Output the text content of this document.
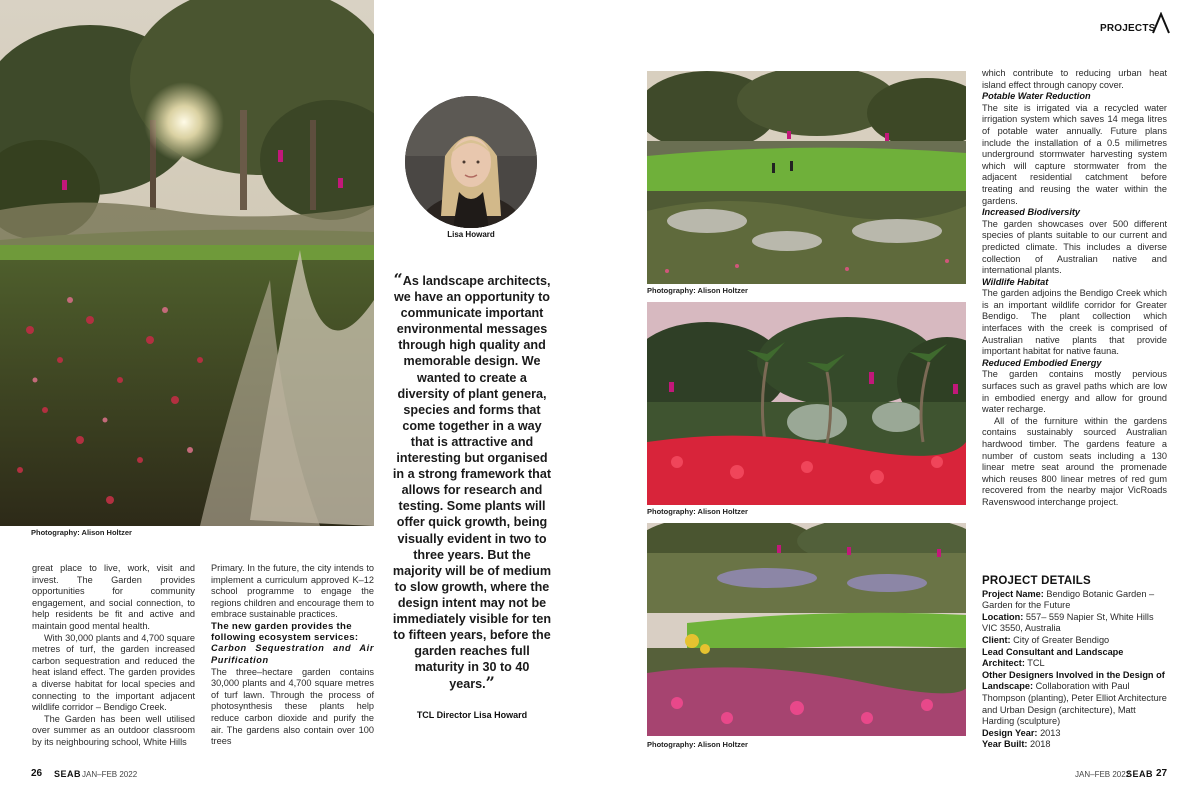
Photography: Alison Holtzer

great place to live, work, visit and invest. The Garden provides opportunities for community engagement, and social connection, to help residents be fit and active and maintain good mental health.

With 30,000 plants and 4,700 square metres of turf, the garden increased carbon sequestration and reduced the heat island effect. The garden provides a diverse habitat for local species and connecting to the important adjacent wildlife corridor – Bendigo Creek.

The Garden has been well utilised over summer as an outdoor classroom by its neighbouring school, White Hills

Primary. In the future, the city intends to implement a curriculum approved K–12 school programme to engage the regions children and encourage them to embrace sustainable practices.

The new garden provides the following ecosystem services:

Carbon Sequestration and Air Purification

The three–hectare garden contains 30,000 plants and 4,700 square metres of turf lawn. Through the process of photosynthesis these plants help reduce carbon dioxide and purify the air. The gardens also contain over 100 trees

Lisa Howard
“As landscape architects, we have an opportunity to communicate important environmental messages through high quality and memorable design. We wanted to create a diversity of plant genera, species and forms that come together in a way that is attractive and interesting but organised in a strong framework that allows for research and testing. Some plants will offer quick growth, being visually evident in two to three years. But the majority will be of medium to slow growth, where the design intent may not be immediately visible for ten to fifteen years, before the garden reaches full maturity in 30 to 40 years.”
TCL Director Lisa Howard
26 SEAB JAN–FEB 2022
PROJECTS
Photography: Alison Holtzer
Photography: Alison Holtzer
Photography: Alison Holtzer

which contribute to reducing urban heat island effect through canopy cover.

Potable Water Reduction

The site is irrigated via a recycled water irrigation system which saves 14 mega litres of potable water annually. Future plans include the installation of a 0.5 milimetres underground stormwater harvesting system which will capture stormwater from the adjacent residential catchment before treating and reusing the water within the gardens.

Increased Biodiversity

The garden showcases over 500 different species of plants suitable to our current and predicted climate. This includes a diverse collection of Australian native and international plants.

Wildlife Habitat

The garden adjoins the Bendigo Creek which is an important wildlife corridor for Greater Bendigo. The plant collection which interfaces with the creek is comprised of Australian native plants that provide important habitat for native fauna.

Reduced Embodied Energy

The garden contains mostly pervious surfaces such as gravel paths which are low in embodied energy and allow for ground water recharge.

All of the furniture within the gardens contains sustainably sourced Australian hardwood timber. The gardens feature a number of custom seats including a 130 linear metre seat around the promenade which reuses 800 linear metres of red gum recovered from the nearby major VicRoads Ravenswood interchange project.

PROJECT DETAILS
Project Name: Bendigo Botanic Garden – Garden for the Future
Location: 557– 559 Napier St, White Hills VIC 3550, Australia
Client: City of Greater Bendigo
Lead Consultant and Landscape Architect: TCL
Other Designers Involved in the Design of Landscape: Collaboration with Paul Thompson (planting), Peter Elliot Architecture and Urban Design (architecture), Matt Harding (sculpture)
Design Year: 2013
Year Built: 2018
JAN–FEB 2022
SEAB 27
